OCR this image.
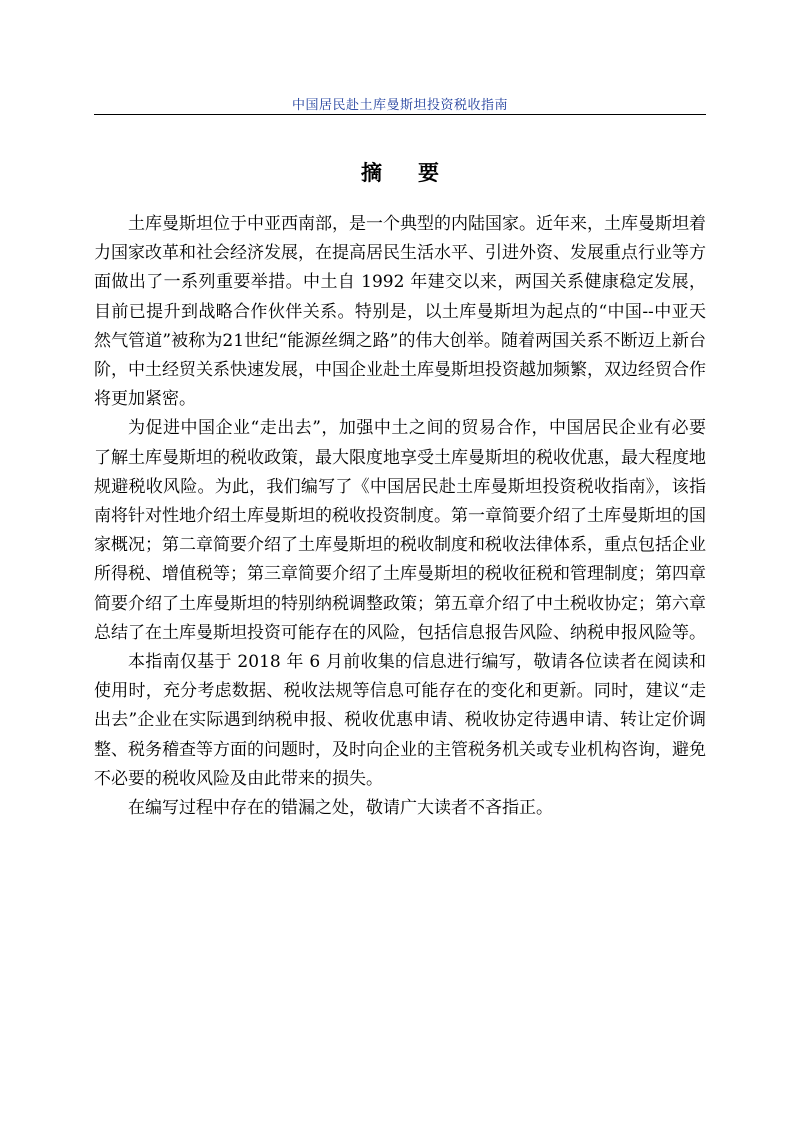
中国居民赴土库曼斯坦投资税收指南
摘要

土库曼斯坦位于中亚西南部，是一个典型的内陆国家。近年来，土库曼斯坦着力国家改革和社会经济发展，在提高居民生活水平、引进外资、发展重点行业等方面做出了一系列重要举措。中土自 1992 年建交以来，两国关系健康稳定发展，目前已提升到战略合作伙伴关系。特别是，以土库曼斯坦为起点的“中国--中亚天然气管道”被称为21世纪“能源丝绸之路”的伟大创举。随着两国关系不断迈上新台阶，中土经贸关系快速发展，中国企业赴土库曼斯坦投资越加频繁，双边经贸合作将更加紧密。

为促进中国企业“走出去”，加强中土之间的贸易合作，中国居民企业有必要了解土库曼斯坦的税收政策，最大限度地享受土库曼斯坦的税收优惠，最大程度地规避税收风险。为此，我们编写了《中国居民赴土库曼斯坦投资税收指南》，该指南将针对性地介绍土库曼斯坦的税收投资制度。第一章简要介绍了土库曼斯坦的国家概况；第二章简要介绍了土库曼斯坦的税收制度和税收法律体系，重点包括企业所得税、增值税等；第三章简要介绍了土库曼斯坦的税收征税和管理制度；第四章简要介绍了土库曼斯坦的特别纳税调整政策；第五章介绍了中土税收协定；第六章总结了在土库曼斯坦投资可能存在的风险，包括信息报告风险、纳税申报风险等。

本指南仅基于 2018 年 6 月前收集的信息进行编写，敬请各位读者在阅读和使用时，充分考虑数据、税收法规等信息可能存在的变化和更新。同时，建议“走出去”企业在实际遇到纳税申报、税收优惠申请、税收协定待遇申请、转让定价调整、税务稽查等方面的问题时，及时向企业的主管税务机关或专业机构咨询，避免不必要的税收风险及由此带来的损失。

在编写过程中存在的错漏之处，敬请广大读者不吝指正。
